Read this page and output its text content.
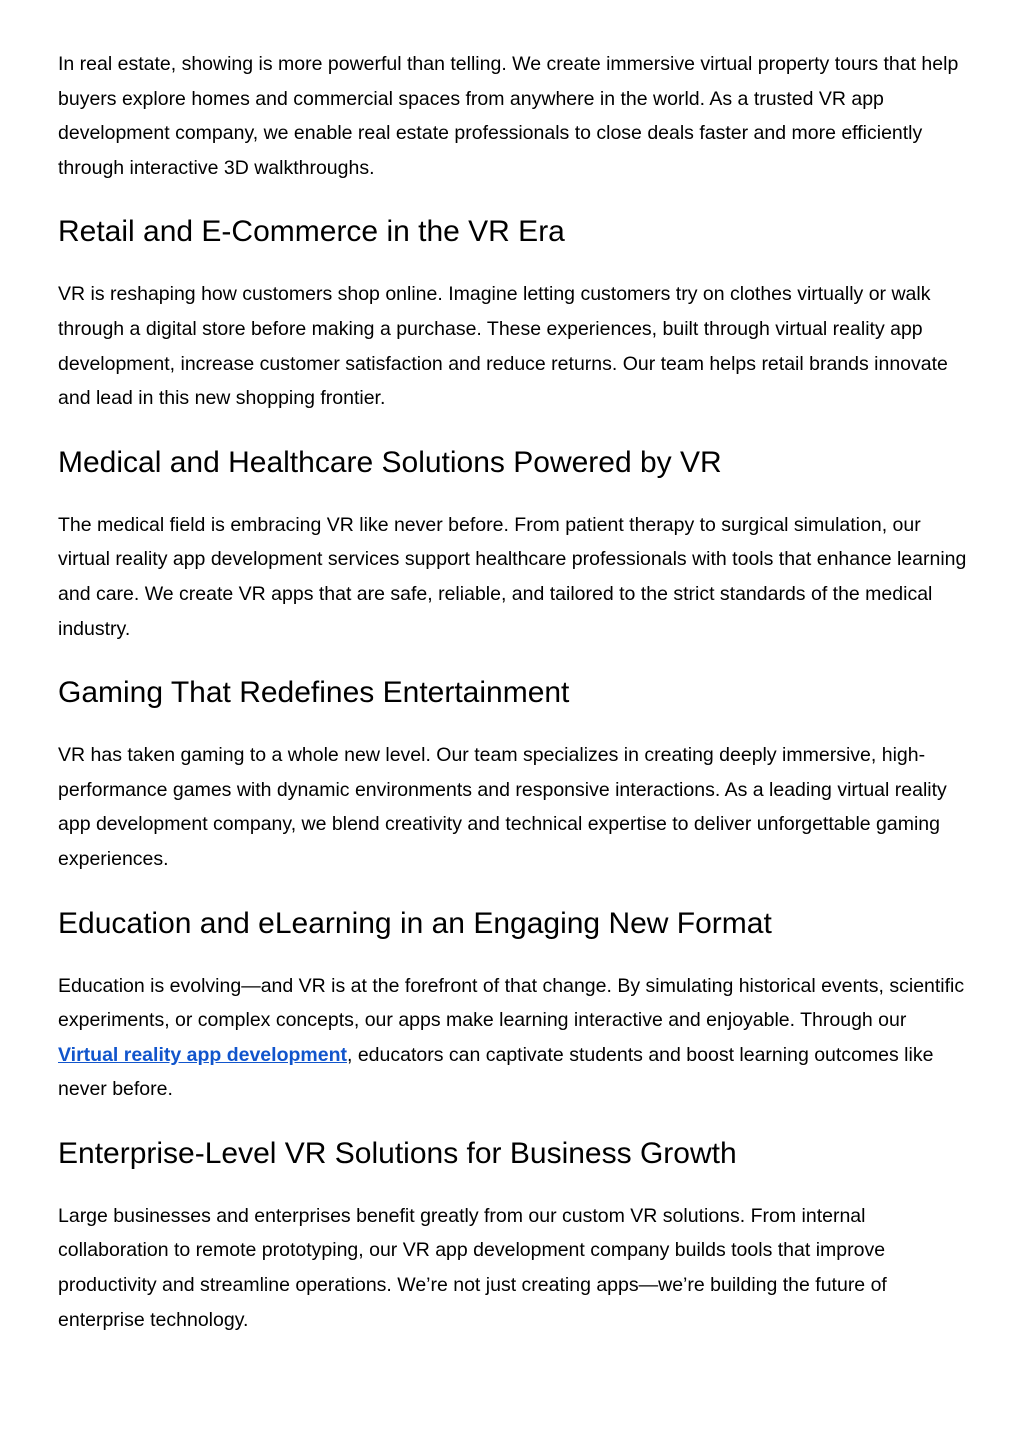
In real estate, showing is more powerful than telling. We create immersive virtual property tours that help buyers explore homes and commercial spaces from anywhere in the world. As a trusted VR app development company, we enable real estate professionals to close deals faster and more efficiently through interactive 3D walkthroughs.

Retail and E-Commerce in the VR Era

VR is reshaping how customers shop online. Imagine letting customers try on clothes virtually or walk through a digital store before making a purchase. These experiences, built through virtual reality app development, increase customer satisfaction and reduce returns. Our team helps retail brands innovate and lead in this new shopping frontier.

Medical and Healthcare Solutions Powered by VR

The medical field is embracing VR like never before. From patient therapy to surgical simulation, our virtual reality app development services support healthcare professionals with tools that enhance learning and care. We create VR apps that are safe, reliable, and tailored to the strict standards of the medical industry.

Gaming That Redefines Entertainment

VR has taken gaming to a whole new level. Our team specializes in creating deeply immersive, high-performance games with dynamic environments and responsive interactions. As a leading virtual reality app development company, we blend creativity and technical expertise to deliver unforgettable gaming experiences.

Education and eLearning in an Engaging New Format

Education is evolving—and VR is at the forefront of that change. By simulating historical events, scientific experiments, or complex concepts, our apps make learning interactive and enjoyable. Through our Virtual reality app development, educators can captivate students and boost learning outcomes like never before.

Enterprise-Level VR Solutions for Business Growth

Large businesses and enterprises benefit greatly from our custom VR solutions. From internal collaboration to remote prototyping, our VR app development company builds tools that improve productivity and streamline operations. We’re not just creating apps—we’re building the future of enterprise technology.
